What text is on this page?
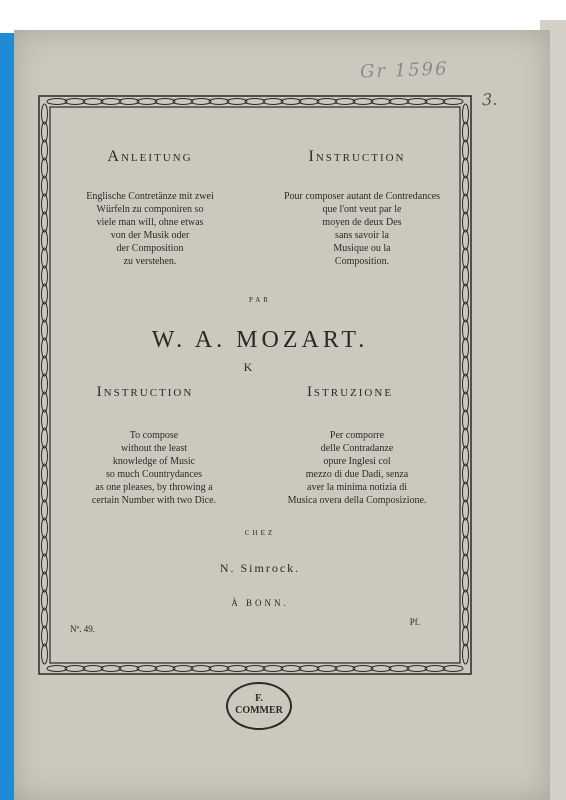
Gr 1596
3.
Anleitung	Instruction
Englische Contretänze mit zwei
Würfeln zu componiren so
viele man will, ohne etwas
von der Musik oder
der Composition
zu verstehen.
Pour composer autant de Contredances
que l'ont veut par le
moyen de deux Des
sans savoir la
Musique ou la
Composition.
PAR
W. A. MOZART.
K
Instruction	Istruzione
To compose
without the least
knowledge of Music
so much Countrydances
as one pleases, by throwing a
certain Number with two Dice.
Per comporre
delle Contradanze
opure Inglesi col
mezzo di due Dadi, senza
aver la minima notizia di
Musica overa della Composizione.
CHEZ
N. Simrock.
À BONN.
Nº. 49.
Pf.
F.
COMMER
